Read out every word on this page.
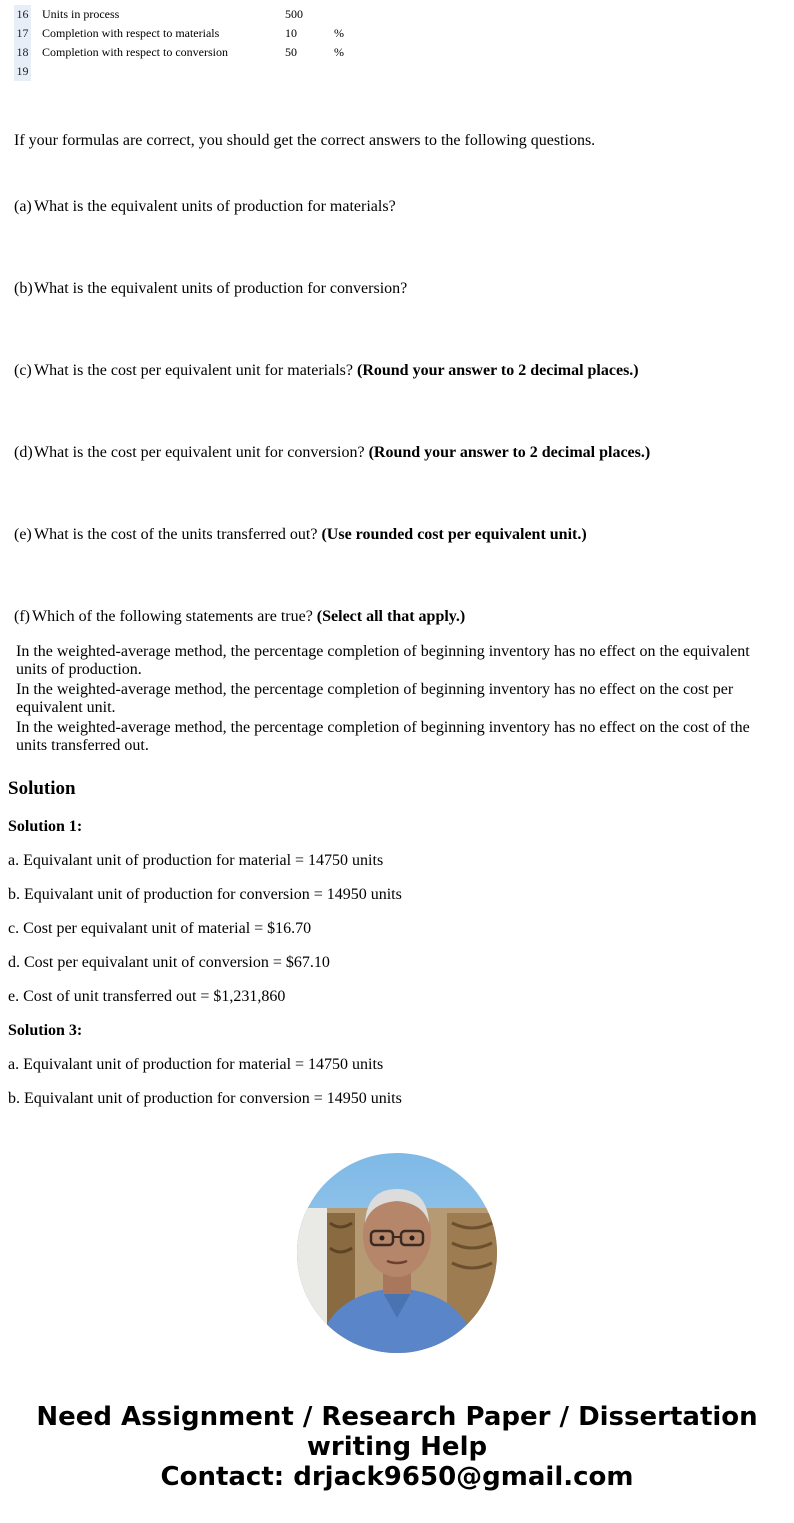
16 Units in process	500
17 Completion with respect to materials	10	%
18 Completion with respect to conversion	50	%
19
If your formulas are correct, you should get the correct answers to the following questions.
(a) What is the equivalent units of production for materials?
(b)What is the equivalent units of production for conversion?
(c) What is the cost per equivalent unit for materials? (Round your answer to 2 decimal places.)
(d)What is the cost per equivalent unit for conversion? (Round your answer to 2 decimal places.)
(e) What is the cost of the units transferred out? (Use rounded cost per equivalent unit.)
(f) Which of the following statements are true? (Select all that apply.)
In the weighted-average method, the percentage completion of beginning inventory has no effect on the equivalent units of production.
In the weighted-average method, the percentage completion of beginning inventory has no effect on the cost per equivalent unit.
In the weighted-average method, the percentage completion of beginning inventory has no effect on the cost of the units transferred out.
Solution
Solution 1:
a. Equivalant unit of production for material = 14750 units
b. Equivalant unit of production for conversion = 14950 units
c. Cost per equivalant unit of material = $16.70
d. Cost per equivalant unit of conversion = $67.10
e. Cost of unit transferred out = $1,231,860
Solution 3:
a. Equivalant unit of production for material = 14750 units
b. Equivalant unit of production for conversion = 14950 units
Need Assignment / Research Paper / Dissertation
writing Help
Contact: drjack9650@gmail.com
